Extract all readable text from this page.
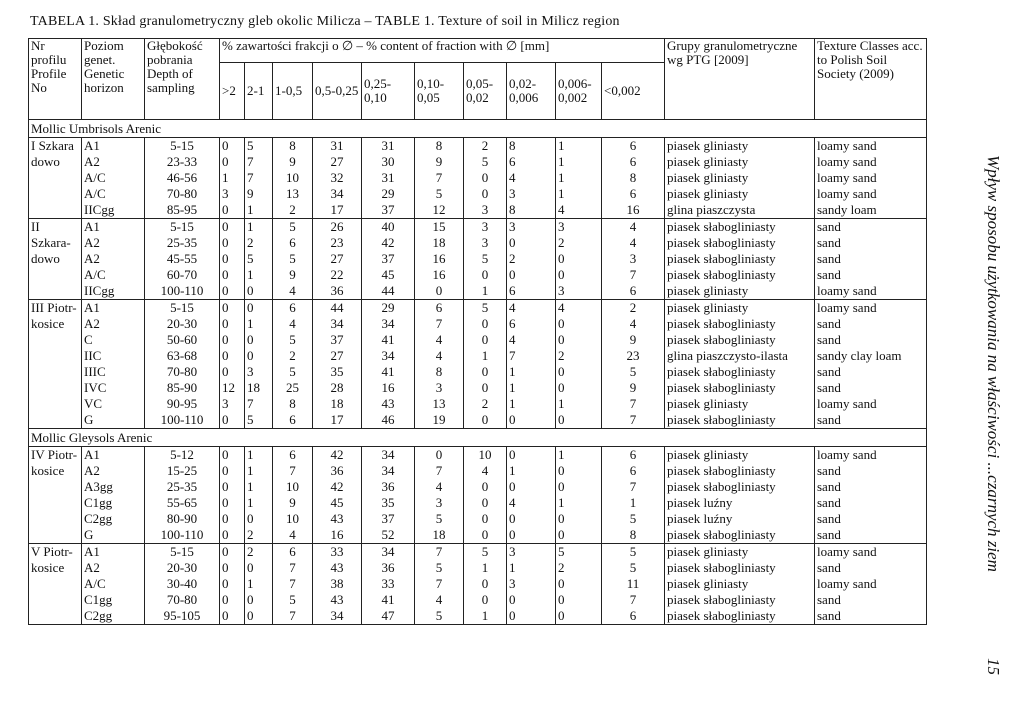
TABELA 1. Skład granulometryczny gleb okolic Milicza – TABLE 1. Texture of soil in Milicz region
Nr profilu Profile No	Poziom genet. Genetic horizon	Głębokość pobrania Depth of sampling	% zawartości frakcji o ∅ – % content of fraction with ∅ [mm]										Grupy granulometryczne wg PTG [2009]	Texture Classes acc. to Polish Soil Society (2009)
			>2	2-1	1-0,5	0,5-0,25	0,25-0,10	0,10-0,05	0,05-0,02	0,02-0,006	0,006-0,002	<0,002		
Mollic Umbrisols Arenic														
I Szkara dowo	A1	5-15	0	5	8	31	31	8	2	8	1	6	piasek gliniasty	loamy sand
	A2	23-33	0	7	9	27	30	9	5	6	1	6	piasek gliniasty	loamy sand
	A/C	46-56	1	7	10	32	31	7	0	4	1	8	piasek gliniasty	loamy sand
	A/C	70-80	3	9	13	34	29	5	0	3	1	6	piasek gliniasty	loamy sand
	IICgg	85-95	0	1	2	17	37	12	3	8	4	16	glina piaszczysta	sandy loam
II Szkara-dowo	A1	5-15	0	1	5	26	40	15	3	3	3	4	piasek słabogliniasty	sand
	A2	25-35	0	2	6	23	42	18	3	0	2	4	piasek słabogliniasty	sand
	A2	45-55	0	5	5	27	37	16	5	2	0	3	piasek słabogliniasty	sand
	A/C	60-70	0	1	9	22	45	16	0	0	0	7	piasek słabogliniasty	sand
	IICgg	100-110	0	0	4	36	44	0	1	6	3	6	piasek gliniasty	loamy sand
III Piotr-kosice	A1	5-15	0	0	6	44	29	6	5	4	4	2	piasek gliniasty	loamy sand
	A2	20-30	0	1	4	34	34	7	0	6	0	4	piasek słabogliniasty	sand
	C	50-60	0	0	5	37	41	4	0	4	0	9	piasek słabogliniasty	sand
	IIC	63-68	0	0	2	27	34	4	1	7	2	23	glina piaszczysto-ilasta	sandy clay loam
	IIIC	70-80	0	3	5	35	41	8	0	1	0	5	piasek słabogliniasty	sand
	IVC	85-90	12	18	25	28	16	3	0	1	0	9	piasek słabogliniasty	sand
	VC	90-95	3	7	8	18	43	13	2	1	1	7	piasek gliniasty	loamy sand
	G	100-110	0	5	6	17	46	19	0	0	0	7	piasek słabogliniasty	sand
Mollic Gleysols Arenic														
IV Piotr-kosice	A1	5-12	0	1	6	42	34	0	10	0	1	6	piasek gliniasty	loamy sand
	A2	15-25	0	1	7	36	34	7	4	1	0	6	piasek słabogliniasty	sand
	A3gg	25-35	0	1	10	42	36	4	0	0	0	7	piasek słabogliniasty	sand
	C1gg	55-65	0	1	9	45	35	3	0	4	1	1	piasek luźny	sand
	C2gg	80-90	0	0	10	43	37	5	0	0	0	5	piasek luźny	sand
	G	100-110	0	2	4	16	52	18	0	0	0	8	piasek słabogliniasty	sand
V Piotr-kosice	A1	5-15	0	2	6	33	34	7	5	3	5	5	piasek gliniasty	loamy sand
	A2	20-30	0	0	7	43	36	5	1	1	2	5	piasek słabogliniasty	sand
	A/C	30-40	0	1	7	38	33	7	0	3	0	11	piasek gliniasty	loamy sand
	C1gg	70-80	0	0	5	43	41	4	0	0	0	7	piasek słabogliniasty	sand
	C2gg	95-105	0	0	7	34	47	5	1	0	0	6	piasek słabogliniasty	sand
Wpływ sposobu użytkowania na właściwości ...czarnych ziem
15
